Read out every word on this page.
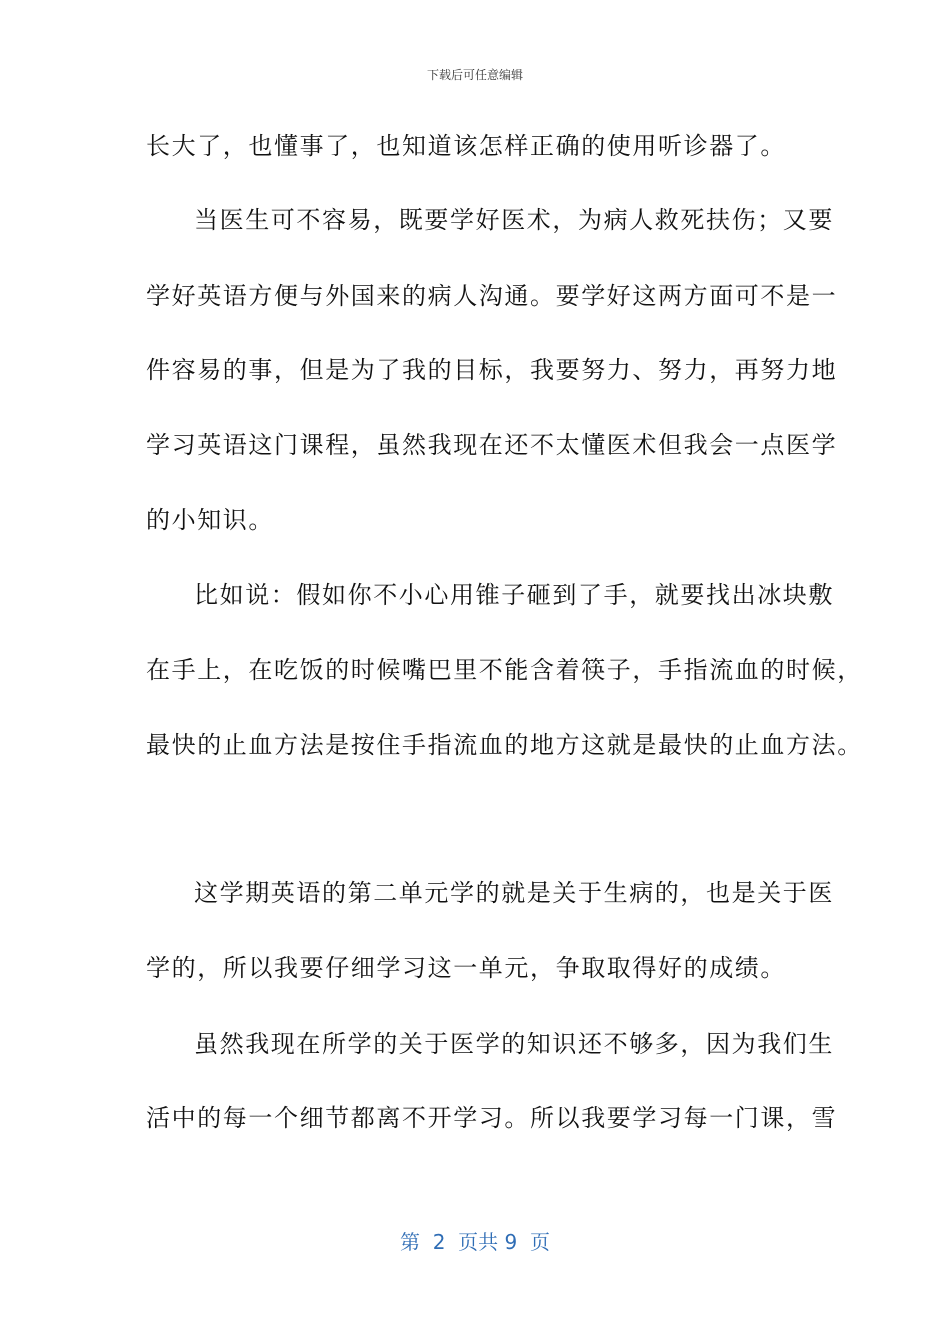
下载后可任意编辑
长大了，也懂事了，也知道该怎样正确的使用听诊器了。
当医生可不容易，既要学好医术，为病人救死扶伤；又要
学好英语方便与外国来的病人沟通。要学好这两方面可不是一
件容易的事，但是为了我的目标，我要努力、努力，再努力地
学习英语这门课程，虽然我现在还不太懂医术但我会一点医学
的小知识。
比如说：假如你不小心用锥子砸到了手，就要找出冰块敷
在手上，在吃饭的时候嘴巴里不能含着筷子，手指流血的时候，
最快的止血方法是按住手指流血的地方这就是最快的止血方法。
这学期英语的第二单元学的就是关于生病的，也是关于医
学的，所以我要仔细学习这一单元，争取取得好的成绩。
虽然我现在所学的关于医学的知识还不够多，因为我们生
活中的每一个细节都离不开学习。所以我要学习每一门课，雪
第  2  页共 9  页
